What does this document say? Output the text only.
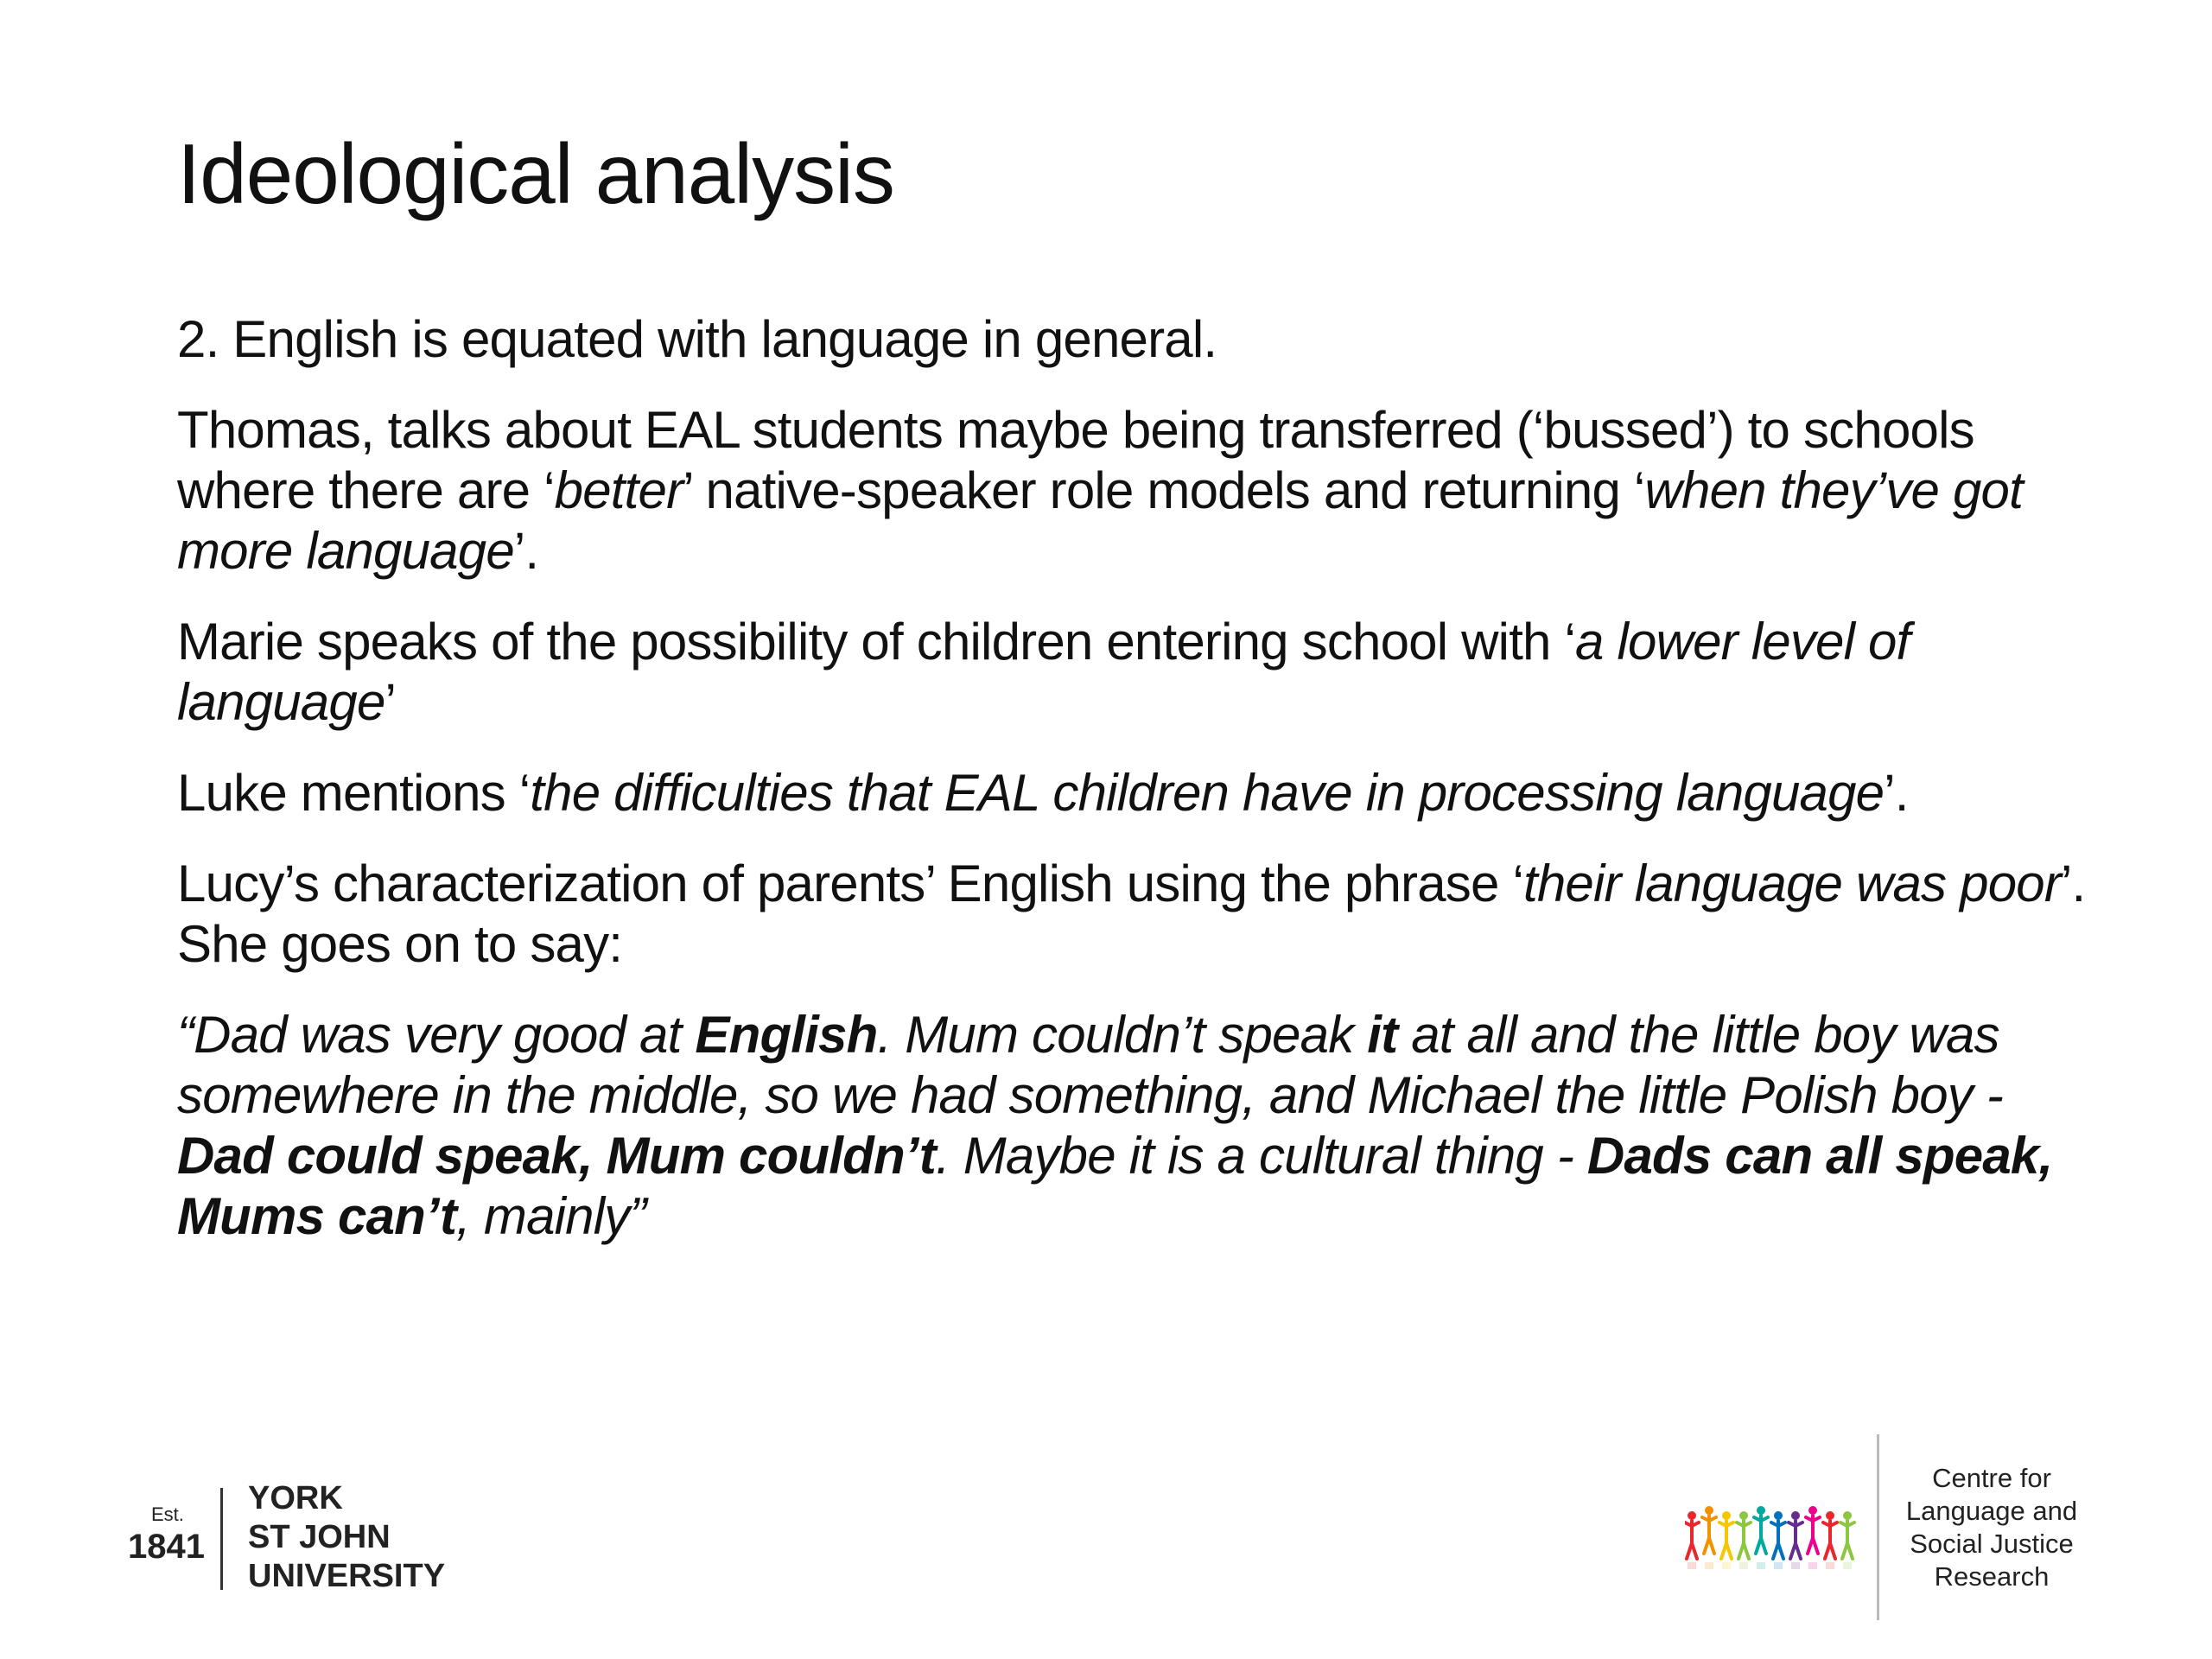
Ideological analysis

2. English is equated with language in general.

Thomas, talks about EAL students maybe being transferred (‘bussed’) to schools where there are ‘better’ native-speaker role models and returning ‘when they’ve got more language’.

Marie speaks of the possibility of children entering school with ‘a lower level of language’

Luke mentions ‘the difficulties that EAL children have in processing language’.

Lucy’s characterization of parents’ English using the phrase ‘their language was poor’. She goes on to say:

“Dad was very good at English. Mum couldn’t speak it at all and the little boy was somewhere in the middle, so we had something, and Michael the little Polish boy - Dad could speak, Mum couldn’t. Maybe it is a cultural thing - Dads can all speak, Mums can’t, mainly”

Est.
1841
YORK
ST JOHN
UNIVERSITY
Centre for
Language and
Social Justice
Research
